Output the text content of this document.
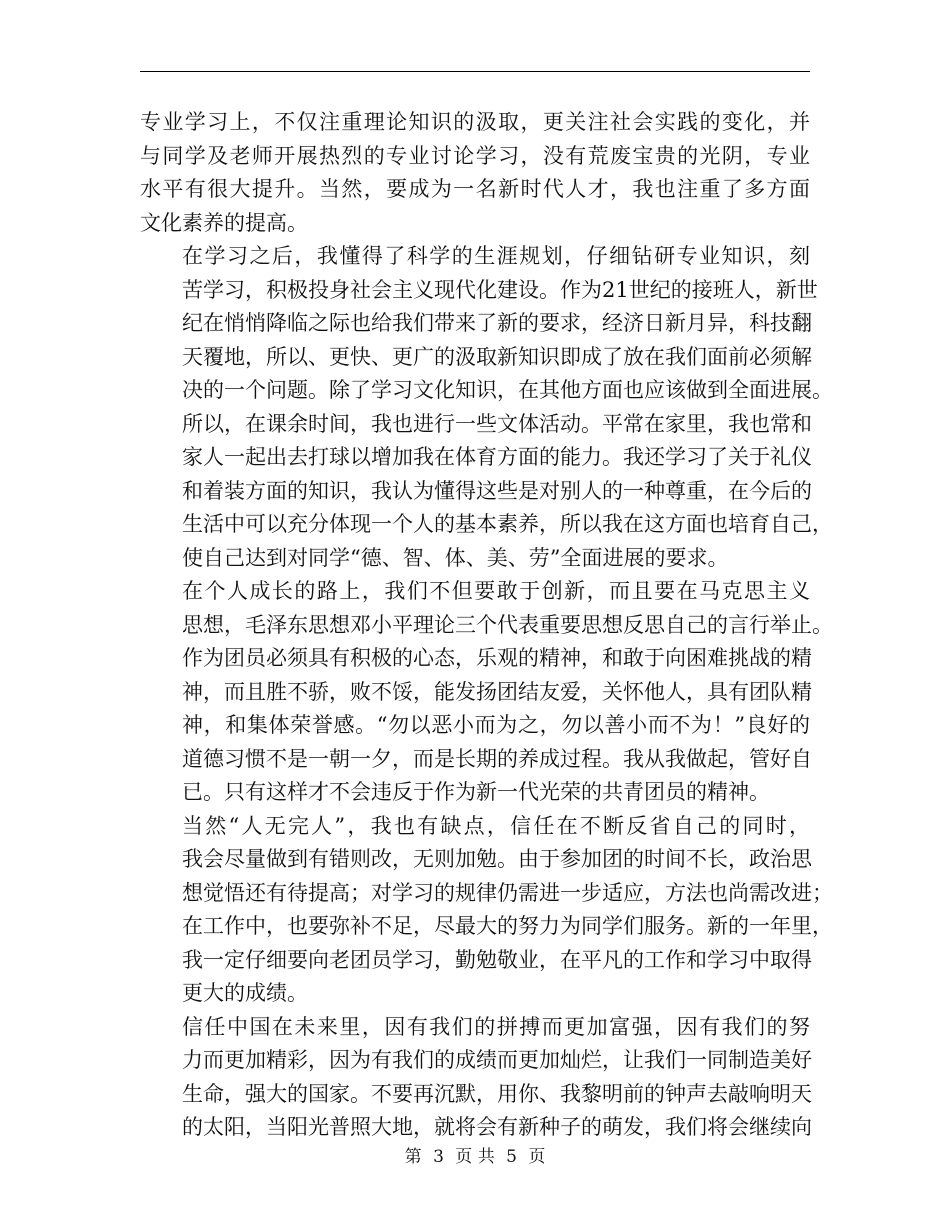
专业学习上，不仅注重理论知识的汲取，更关注社会实践的变化，并
与同学及老师开展热烈的专业讨论学习，没有荒废宝贵的光阴，专业
水平有很大提升。当然，要成为一名新时代人才，我也注重了多方面
文化素养的提高。

在学习之后，我懂得了科学的生涯规划，仔细钻研专业知识，刻
苦学习，积极投身社会主义现代化建设。作为21世纪的接班人，新世
纪在悄悄降临之际也给我们带来了新的要求，经济日新月异，科技翻
天覆地，所以、更快、更广的汲取新知识即成了放在我们面前必须解
决的一个问题。除了学习文化知识，在其他方面也应该做到全面进展。
所以，在课余时间，我也进行一些文体活动。平常在家里，我也常和
家人一起出去打球以增加我在体育方面的能力。我还学习了关于礼仪
和着装方面的知识，我认为懂得这些是对别人的一种尊重，在今后的
生活中可以充分体现一个人的基本素养，所以我在这方面也培育自己，
使自己达到对同学“德、智、体、美、劳”全面进展的要求。

在个人成长的路上，我们不但要敢于创新，而且要在马克思主义
思想，毛泽东思想邓小平理论三个代表重要思想反思自己的言行举止。
作为团员必须具有积极的心态，乐观的精神，和敢于向困难挑战的精
神，而且胜不骄，败不馁，能发扬团结友爱，关怀他人，具有团队精
神，和集体荣誉感。“勿以恶小而为之，勿以善小而不为！”良好的
道德习惯不是一朝一夕，而是长期的养成过程。我从我做起，管好自
已。只有这样才不会违反于作为新一代光荣的共青团员的精神。

当然“人无完人”，我也有缺点，信任在不断反省自己的同时，
我会尽量做到有错则改，无则加勉。由于参加团的时间不长，政治思
想觉悟还有待提高；对学习的规律仍需进一步适应，方法也尚需改进；
在工作中，也要弥补不足，尽最大的努力为同学们服务。新的一年里，
我一定仔细要向老团员学习，勤勉敬业，在平凡的工作和学习中取得
更大的成绩。

信任中国在未来里，因有我们的拼搏而更加富强，因有我们的努
力而更加精彩，因为有我们的成绩而更加灿烂，让我们一同制造美好
生命，强大的国家。不要再沉默，用你、我黎明前的钟声去敲响明天
的太阳，当阳光普照大地，就将会有新种子的萌发，我们将会继续向

第 3 页 共 5 页
